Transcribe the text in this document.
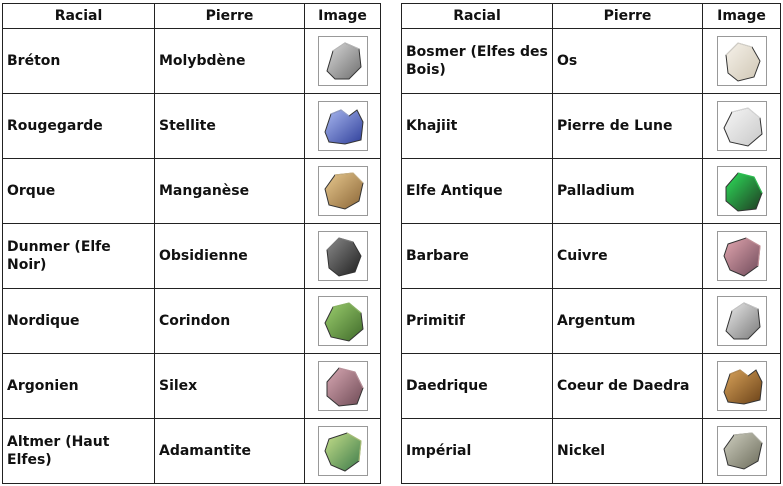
Racial	Pierre	Image
Bréton	Molybdène	

Rougegarde	Stellite	

Orque	Manganèse	

Dunmer (Elfe Noir)	Obsidienne	

Nordique	Corindon	

Argonien	Silex	

Altmer (Haut Elfes)	Adamantite	
Racial	Pierre	Image
Bosmer (Elfes des Bois)	Os	

Khajiit	Pierre de Lune	

Elfe Antique	Palladium	

Barbare	Cuivre	

Primitif	Argentum	

Daedrique	Coeur de Daedra	

Impérial	Nickel	
